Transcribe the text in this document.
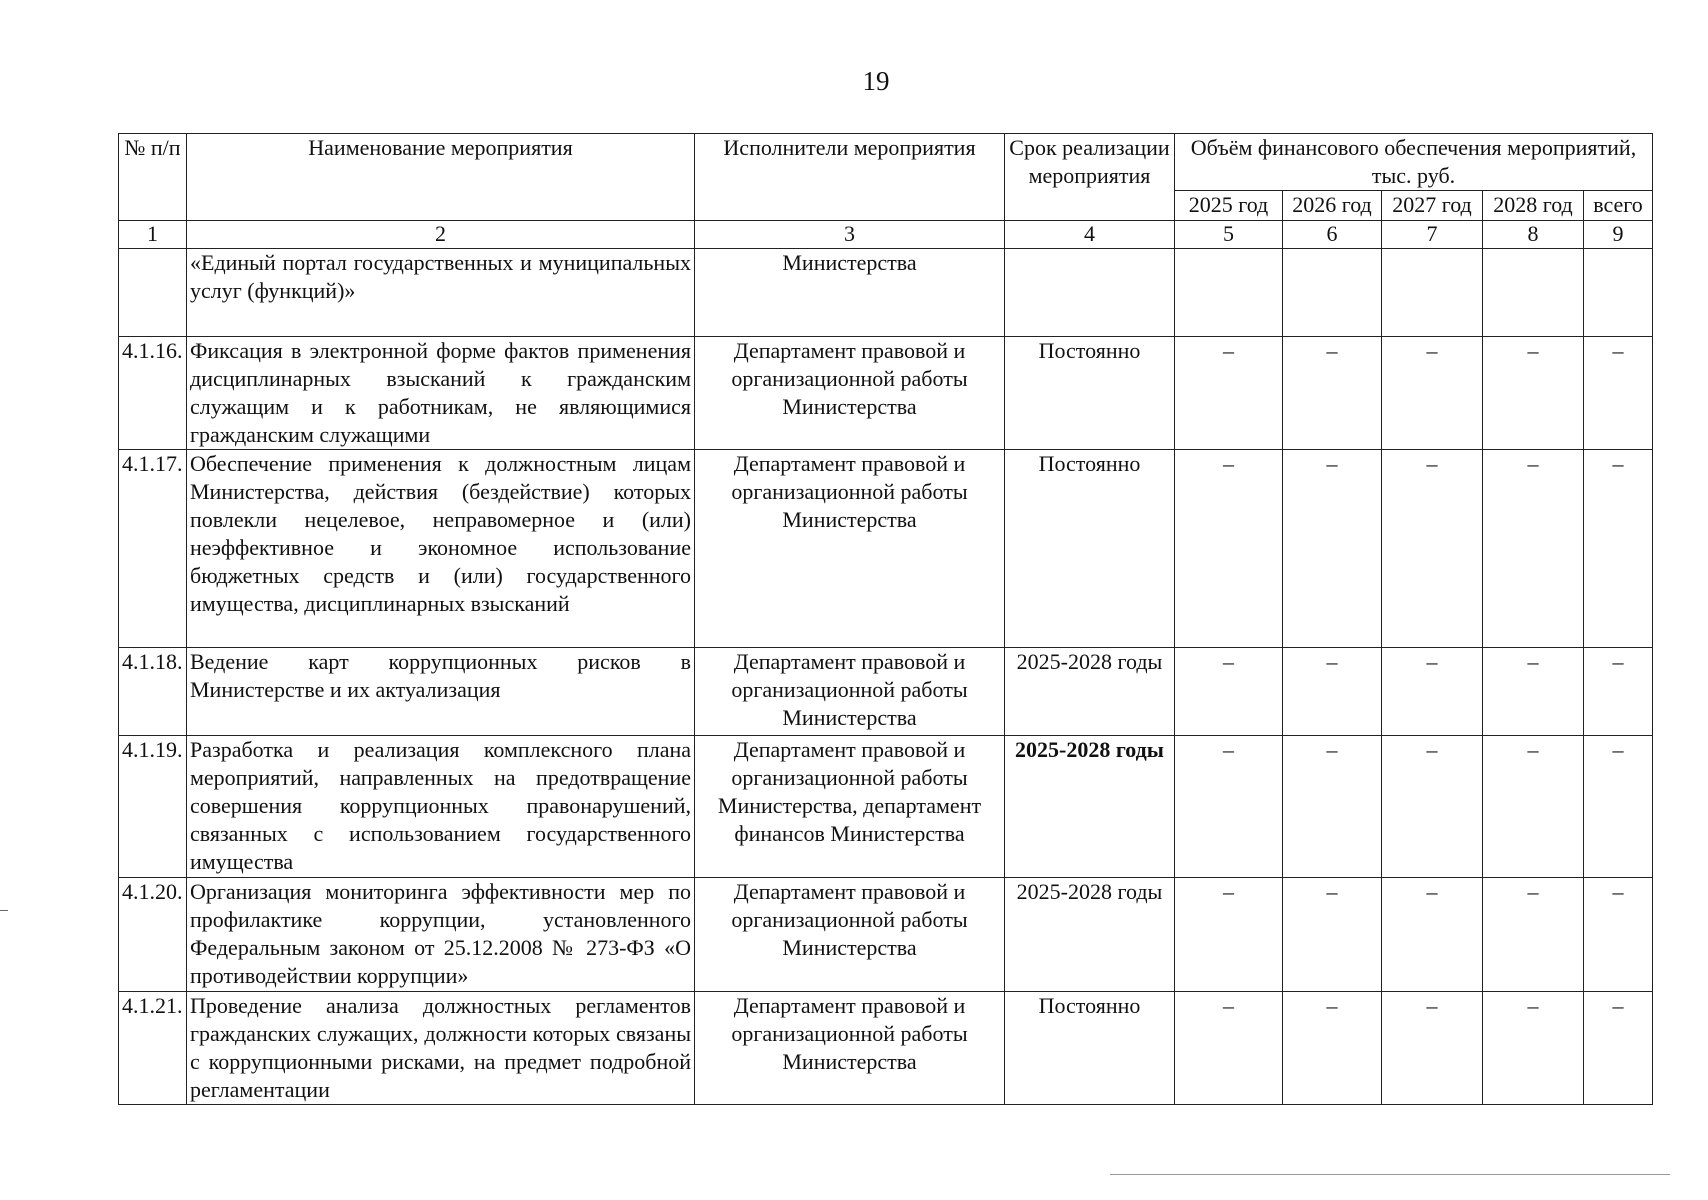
19
№ п/п	Наименование мероприятия	Исполнители мероприятия	Срок реализации мероприятия	Объём финансового обеспечения мероприятий, тыс. руб.				
				2025 год	2026 год	2027 год	2028 год	всего
1	2	3	4	5	6	7	8	9
	«Единый портал государственных и муниципальных услуг (функций)»	Министерства						
4.1.16.	Фиксация в электронной форме фактов применения дисциплинарных взысканий к гражданским служащим и к работникам, не являющимися гражданским служащими	Департамент правовой и организационной работы Министерства	Постоянно	–	–	–	–	–
4.1.17.	Обеспечение применения к должностным лицам Министерства, действия (бездействие) которых повлекли нецелевое, неправомерное и (или) неэффективное и экономное использование бюджетных средств и (или) государственного имущества, дисциплинарных взысканий	Департамент правовой и организационной работы Министерства	Постоянно	–	–	–	–	–
4.1.18.	Ведение карт коррупционных рисков в Министерстве и их актуализация	Департамент правовой и организационной работы Министерства	2025-2028 годы	–	–	–	–	–
4.1.19.	Разработка и реализация комплексного плана мероприятий, направленных на предотвращение совершения коррупционных правонарушений, связанных с использованием государственного имущества	Департамент правовой и организационной работы Министерства, департамент финансов Министерства	2025-2028 годы	–	–	–	–	–
4.1.20.	Организация мониторинга эффективности мер по профилактике коррупции, установленного Федеральным законом от 25.12.2008 № 273-ФЗ «О противодействии коррупции»	Департамент правовой и организационной работы Министерства	2025-2028 годы	–	–	–	–	–
4.1.21.	Проведение анализа должностных регламентов гражданских служащих, должности которых связаны с коррупционными рисками, на предмет подробной регламентации	Департамент правовой и организационной работы Министерства	Постоянно	–	–	–	–	–
